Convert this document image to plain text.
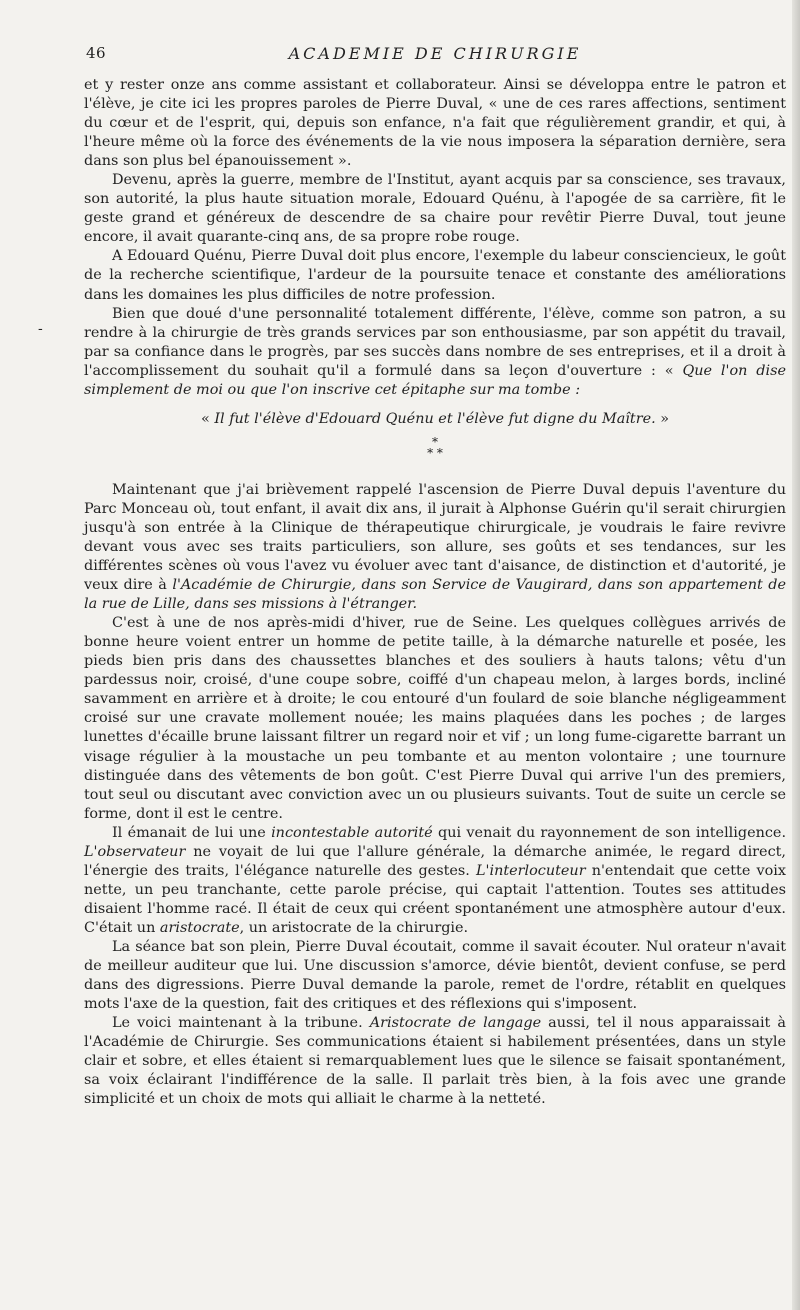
46	ACADEMIE DE CHIRURGIE
-

et y rester onze ans comme assistant et collaborateur. Ainsi se développa entre le patron et l'élève, je cite ici les propres paroles de Pierre Duval, « une de ces rares affections, sentiment du cœur et de l'esprit, qui, depuis son enfance, n'a fait que régulièrement grandir, et qui, à l'heure même où la force des événements de la vie nous imposera la séparation dernière, sera dans son plus bel épanouissement ».

Devenu, après la guerre, membre de l'Institut, ayant acquis par sa conscience, ses travaux, son autorité, la plus haute situation morale, Edouard Quénu, à l'apogée de sa carrière, fit le geste grand et généreux de descendre de sa chaire pour revêtir Pierre Duval, tout jeune encore, il avait quarante-cinq ans, de sa propre robe rouge.

A Edouard Quénu, Pierre Duval doit plus encore, l'exemple du labeur consciencieux, le goût de la recherche scientifique, l'ardeur de la poursuite tenace et constante des améliorations dans les domaines les plus difficiles de notre profession.

Bien que doué d'une personnalité totalement différente, l'élève, comme son patron, a su rendre à la chirurgie de très grands services par son enthousiasme, par son appétit du travail, par sa confiance dans le progrès, par ses succès dans nombre de ses entreprises, et il a droit à l'accomplissement du souhait qu'il a formulé dans sa leçon d'ouverture : « Que l'on dise simplement de moi ou que l'on inscrive cet épitaphe sur ma tombe :

« Il fut l'élève d'Edouard Quénu et l'élève fut digne du Maître. »

*
* *

Maintenant que j'ai brièvement rappelé l'ascension de Pierre Duval depuis l'aventure du Parc Monceau où, tout enfant, il avait dix ans, il jurait à Alphonse Guérin qu'il serait chirurgien jusqu'à son entrée à la Clinique de thérapeutique chirurgicale, je voudrais le faire revivre devant vous avec ses traits particuliers, son allure, ses goûts et ses tendances, sur les différentes scènes où vous l'avez vu évoluer avec tant d'aisance, de distinction et d'autorité, je veux dire à l'Académie de Chirurgie, dans son Service de Vaugirard, dans son appartement de la rue de Lille, dans ses missions à l'étranger.

C'est à une de nos après-midi d'hiver, rue de Seine. Les quelques collègues arrivés de bonne heure voient entrer un homme de petite taille, à la démarche naturelle et posée, les pieds bien pris dans des chaussettes blanches et des souliers à hauts talons; vêtu d'un pardessus noir, croisé, d'une coupe sobre, coiffé d'un chapeau melon, à larges bords, incliné savamment en arrière et à droite; le cou entouré d'un foulard de soie blanche négligeamment croisé sur une cravate mollement nouée; les mains plaquées dans les poches ; de larges lunettes d'écaille brune laissant filtrer un regard noir et vif ; un long fume-cigarette barrant un visage régulier à la moustache un peu tombante et au menton volontaire ; une tournure distinguée dans des vêtements de bon goût. C'est Pierre Duval qui arrive l'un des premiers, tout seul ou discutant avec conviction avec un ou plusieurs suivants. Tout de suite un cercle se forme, dont il est le centre.

Il émanait de lui une incontestable autorité qui venait du rayonnement de son intelligence. L'observateur ne voyait de lui que l'allure générale, la démarche animée, le regard direct, l'énergie des traits, l'élégance naturelle des gestes. L'interlocuteur n'entendait que cette voix nette, un peu tranchante, cette parole précise, qui captait l'attention. Toutes ses attitudes disaient l'homme racé. Il était de ceux qui créent spontanément une atmosphère autour d'eux. C'était un aristocrate, un aristocrate de la chirurgie.

La séance bat son plein, Pierre Duval écoutait, comme il savait écouter. Nul orateur n'avait de meilleur auditeur que lui. Une discussion s'amorce, dévie bientôt, devient confuse, se perd dans des digressions. Pierre Duval demande la parole, remet de l'ordre, rétablit en quelques mots l'axe de la question, fait des critiques et des réflexions qui s'imposent.

Le voici maintenant à la tribune. Aristocrate de langage aussi, tel il nous apparaissait à l'Académie de Chirurgie. Ses communications étaient si habilement présentées, dans un style clair et sobre, et elles étaient si remarquablement lues que le silence se faisait spontanément, sa voix éclairant l'indifférence de la salle. Il parlait très bien, à la fois avec une grande simplicité et un choix de mots qui alliait le charme à la netteté.
